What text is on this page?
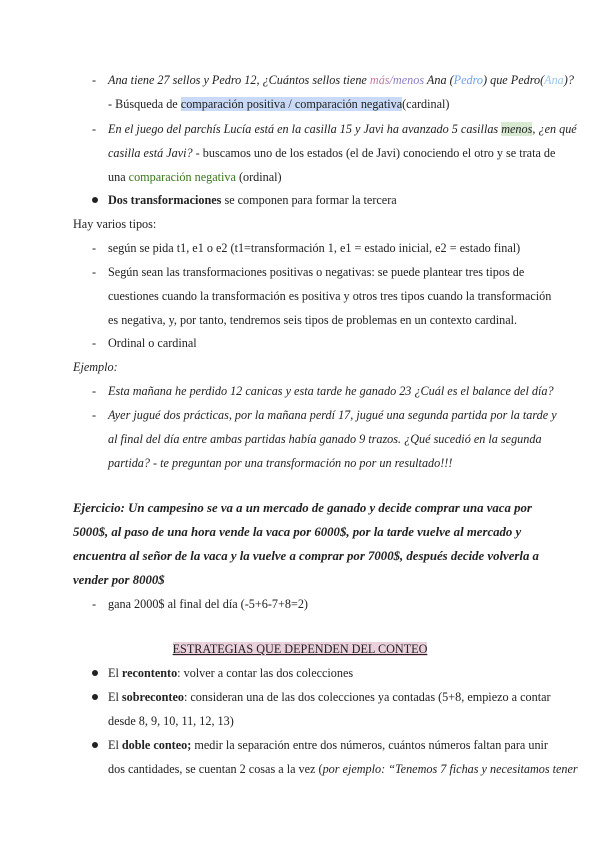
- Ana tiene 27 sellos y Pedro 12, ¿Cuántos sellos tiene más/menos Ana (Pedro) que Pedro(Ana)?
- Búsqueda de comparación positiva / comparación negativa(cardinal)
- En el juego del parchís Lucía está en la casilla 15 y Javi ha avanzado 5 casillas menos, ¿en qué
casilla está Javi? - buscamos uno de los estados (el de Javi) conociendo el otro y se trata de
una comparación negativa (ordinal)
Dos transformaciones se componen para formar la tercera
Hay varios tipos:
- según se pida t1, e1 o e2 (t1=transformación 1, e1 = estado inicial, e2 = estado final)
- Según sean las transformaciones positivas o negativas: se puede plantear tres tipos de
cuestiones cuando la transformación es positiva y otros tres tipos cuando la transformación
es negativa, y, por tanto, tendremos seis tipos de problemas en un contexto cardinal.
- Ordinal o cardinal
Ejemplo:
- Esta mañana he perdido 12 canicas y esta tarde he ganado 23 ¿Cuál es el balance del día?
- Ayer jugué dos prácticas, por la mañana perdí 17, jugué una segunda partida por la tarde y
al final del día entre ambas partidas había ganado 9 trazos. ¿Qué sucedió en la segunda
partida? - te preguntan por una transformación no por un resultado!!!
Ejercicio: Un campesino se va a un mercado de ganado y decide comprar una vaca por
5000$, al paso de una hora vende la vaca por 6000$, por la tarde vuelve al mercado y
encuentra al señor de la vaca y la vuelve a comprar por 7000$, después decide volverla a
vender por 8000$
- gana 2000$ al final del día (-5+6-7+8=2)
ESTRATEGIAS QUE DEPENDEN DEL CONTEO
El recontento: volver a contar las dos colecciones
El sobreconteo: consideran una de las dos colecciones ya contadas (5+8, empiezo a contar
desde 8, 9, 10, 11, 12, 13)
El doble conteo; medir la separación entre dos números, cuántos números faltan para unir
dos cantidades, se cuentan 2 cosas a la vez (por ejemplo: “Tenemos 7 fichas y necesitamos tener
